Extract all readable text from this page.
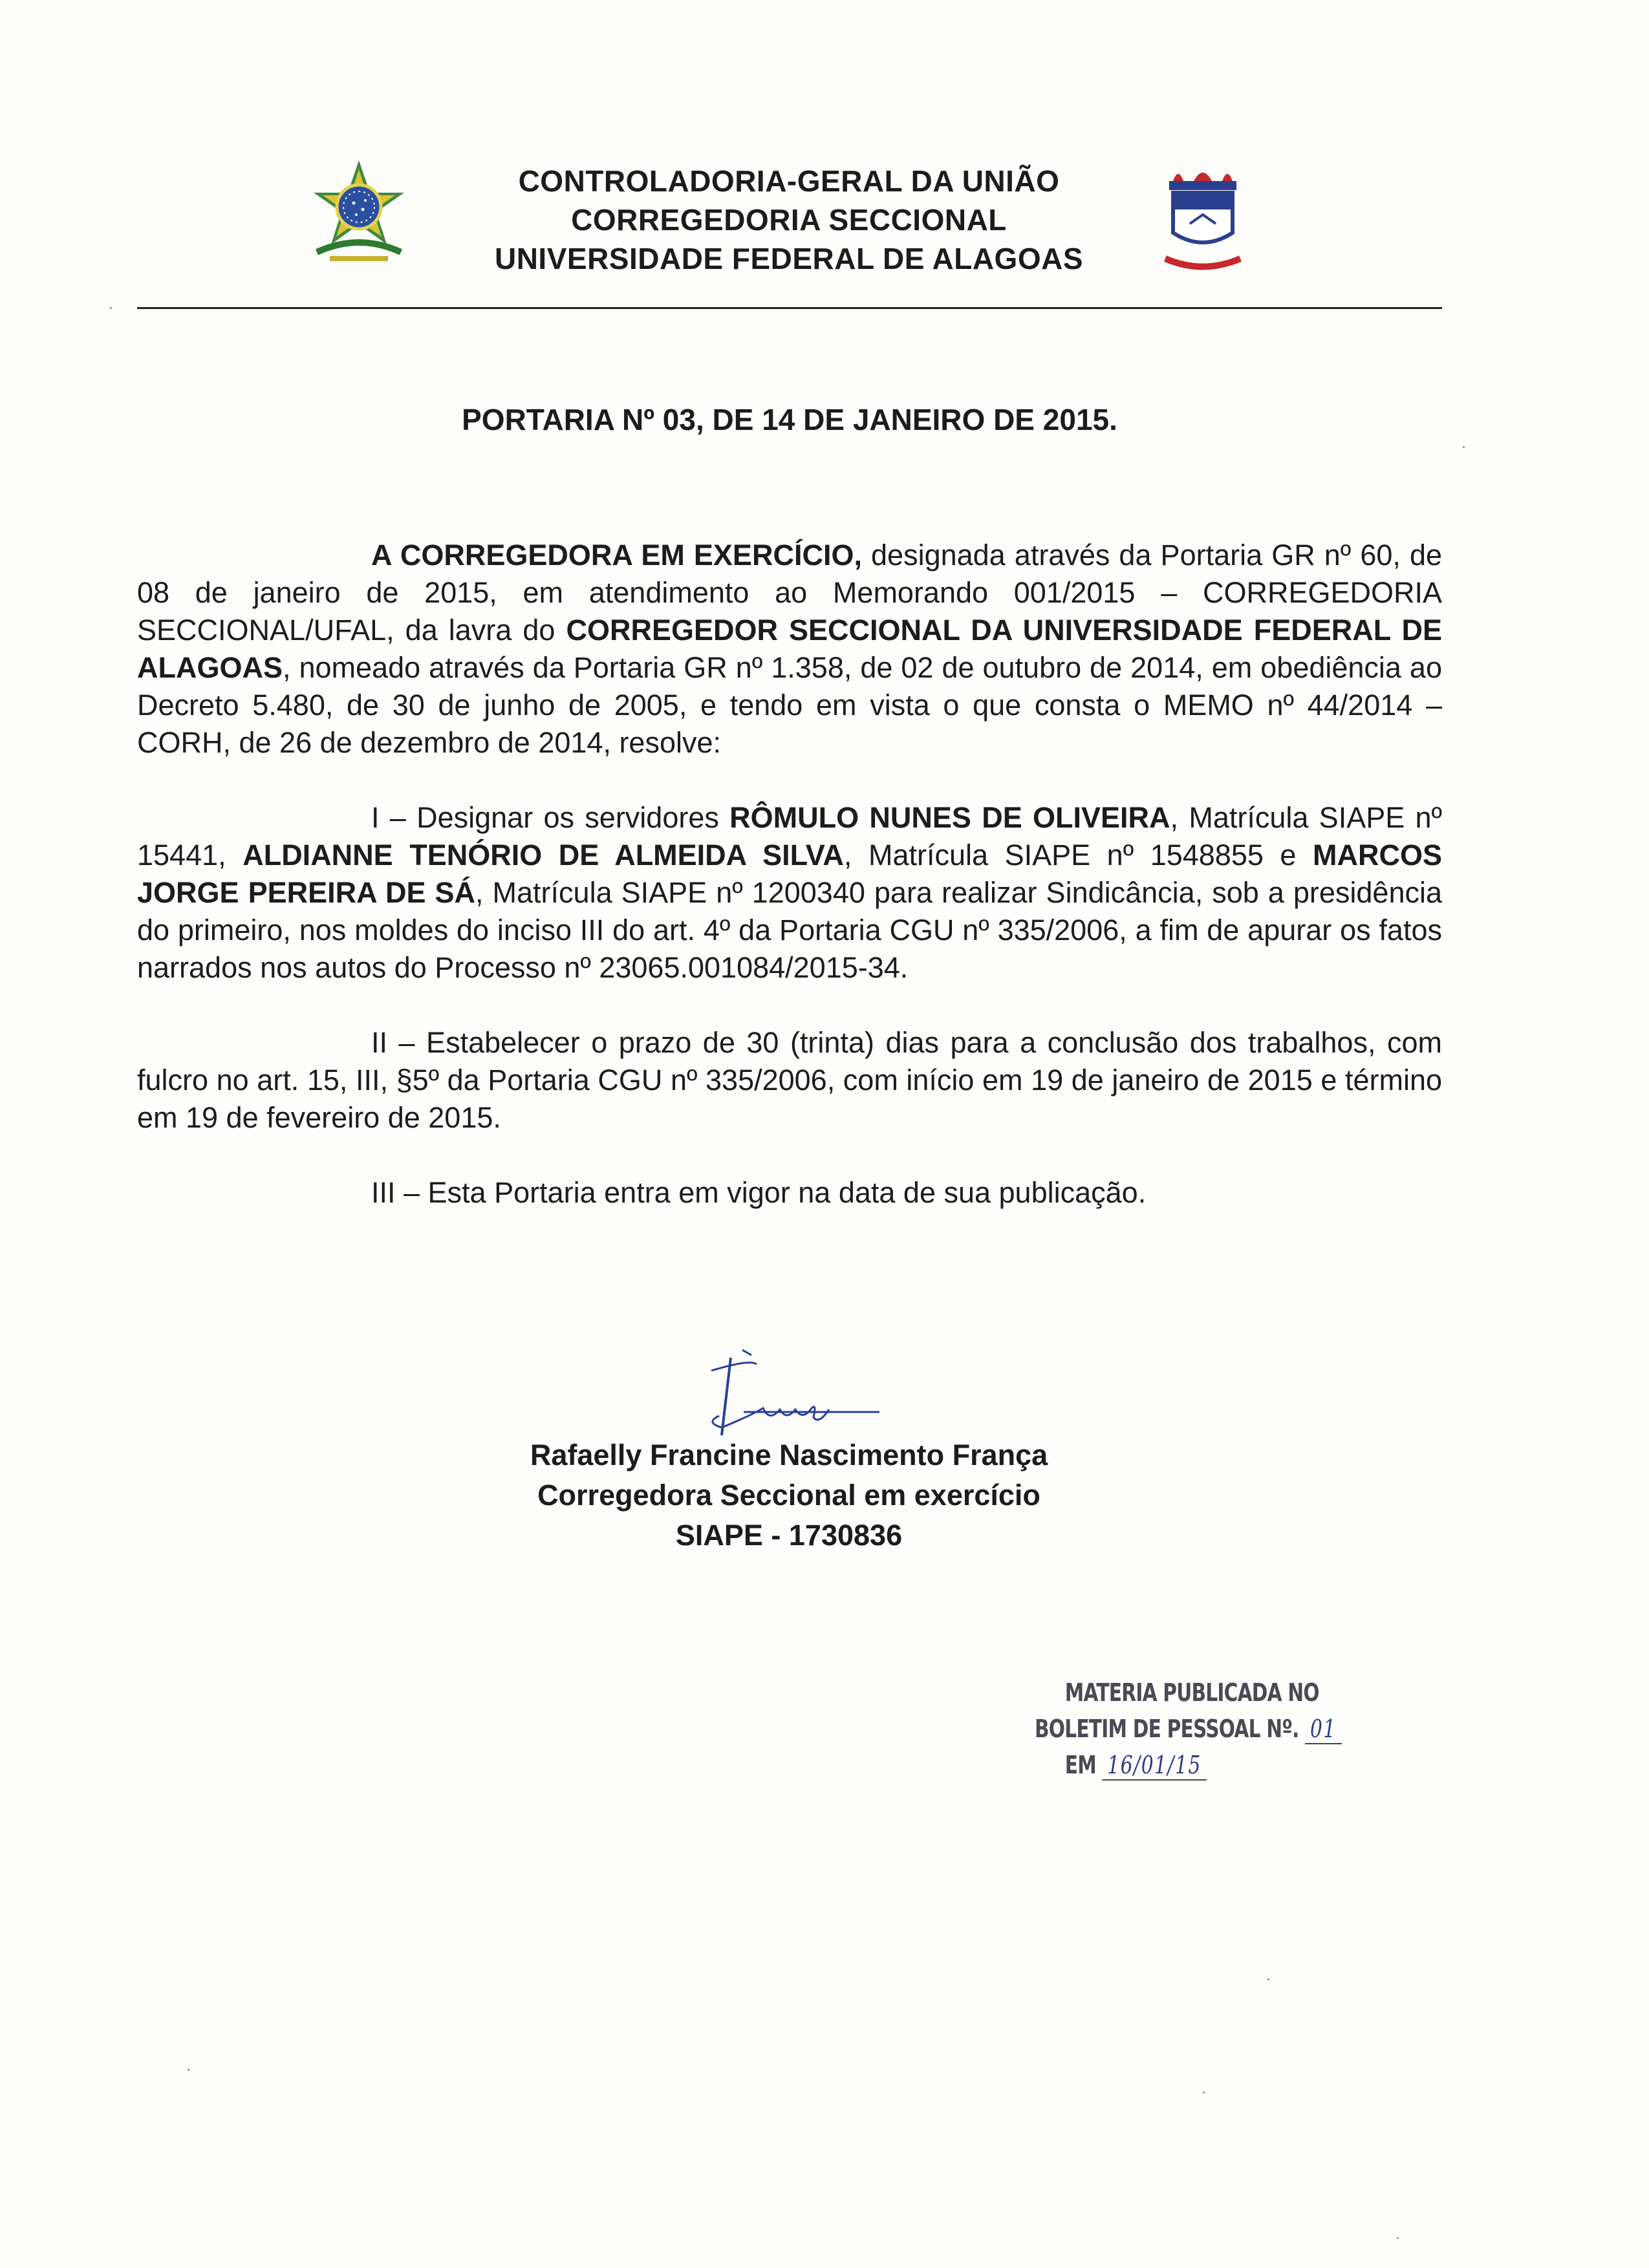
CONTROLADORIA-GERAL DA UNIÃO
CORREGEDORIA SECCIONAL
UNIVERSIDADE FEDERAL DE ALAGOAS
PORTARIA Nº 03, DE 14 DE JANEIRO DE 2015.

A CORREGEDORA EM EXERCÍCIO, designada através da Portaria GR nº 60, de 08 de janeiro de 2015, em atendimento ao Memorando 001/2015 – CORREGEDORIA SECCIONAL/UFAL, da lavra do CORREGEDOR SECCIONAL DA UNIVERSIDADE FEDERAL DE ALAGOAS, nomeado através da Portaria GR nº 1.358, de 02 de outubro de 2014, em obediência ao Decreto 5.480, de 30 de junho de 2005, e tendo em vista o que consta o MEMO nº 44/2014 – CORH, de 26 de dezembro de 2014, resolve:

I – Designar os servidores RÔMULO NUNES DE OLIVEIRA, Matrícula SIAPE nº 15441, ALDIANNE TENÓRIO DE ALMEIDA SILVA, Matrícula SIAPE nº 1548855 e MARCOS JORGE PEREIRA DE SÁ, Matrícula SIAPE nº 1200340 para realizar Sindicância, sob a presidência do primeiro, nos moldes do inciso III do art. 4º da Portaria CGU nº 335/2006, a fim de apurar os fatos narrados nos autos do Processo nº 23065.001084/2015-34.

II – Estabelecer o prazo de 30 (trinta) dias para a conclusão dos trabalhos, com fulcro no art. 15, III, §5º da Portaria CGU nº 335/2006, com início em 19 de janeiro de 2015 e término em 19 de fevereiro de 2015.

III – Esta Portaria entra em vigor na data de sua publicação.

Rafaelly Francine Nascimento França
Corregedora Seccional em exercício
SIAPE - 1730836
MATERIA PUBLICADA NO
BOLETIM DE PESSOAL Nº. 01
EM 16/01/15
